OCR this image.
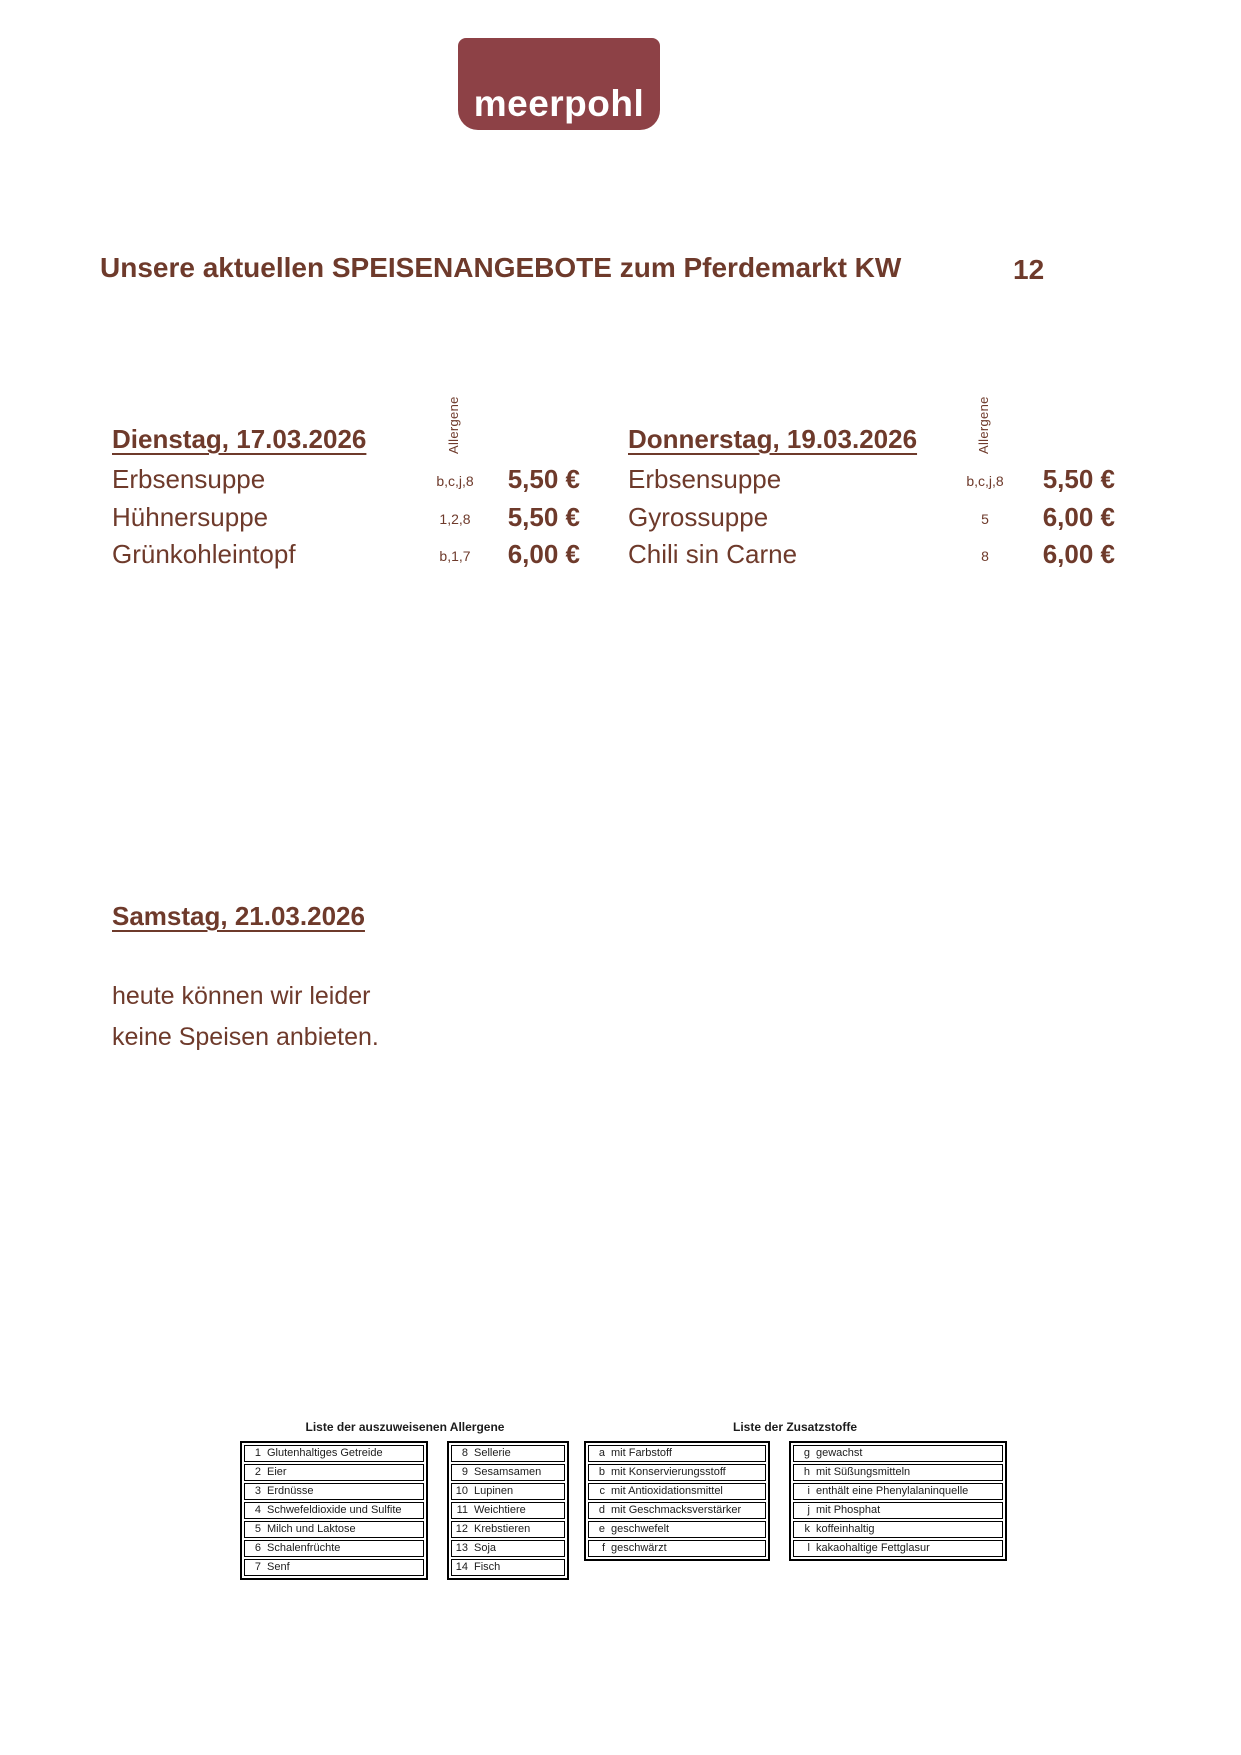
meerpohl
Unsere aktuellen SPEISENANGEBOTE zum Pferdemarkt KW	12
Allergene	Allergene
Dienstag, 17.03.2026	Donnerstag, 19.03.2026
Erbsensuppe	b,c,j,8	5,50 €
Hühnersuppe	1,2,8	5,50 €
Grünkohleintopf	b,1,7	6,00 €
Erbsensuppe	b,c,j,8	5,50 €
Gyrossuppe	5	6,00 €
Chili sin Carne	8	6,00 €
Samstag, 21.03.2026
heute können wir leider
keine Speisen anbieten.
Liste der auszuweisenen Allergene	Liste der Zusatzstoffe
1 Glutenhaltiges Getreide
2 Eier
3 Erdnüsse
4 Schwefeldioxide und Sulfite
5 Milch und Laktose
6 Schalenfrüchte
7 Senf
8 Sellerie
9 Sesamsamen
10 Lupinen
11 Weichtiere
12 Krebstieren
13 Soja
14 Fisch
a mit Farbstoff
b mit Konservierungsstoff
c mit Antioxidationsmittel
d mit Geschmacksverstärker
e geschwefelt
f geschwärzt
g gewachst
h mit Süßungsmitteln
i enthält eine Phenylalaninquelle
j mit Phosphat
k koffeinhaltig
l kakaohaltige Fettglasur
